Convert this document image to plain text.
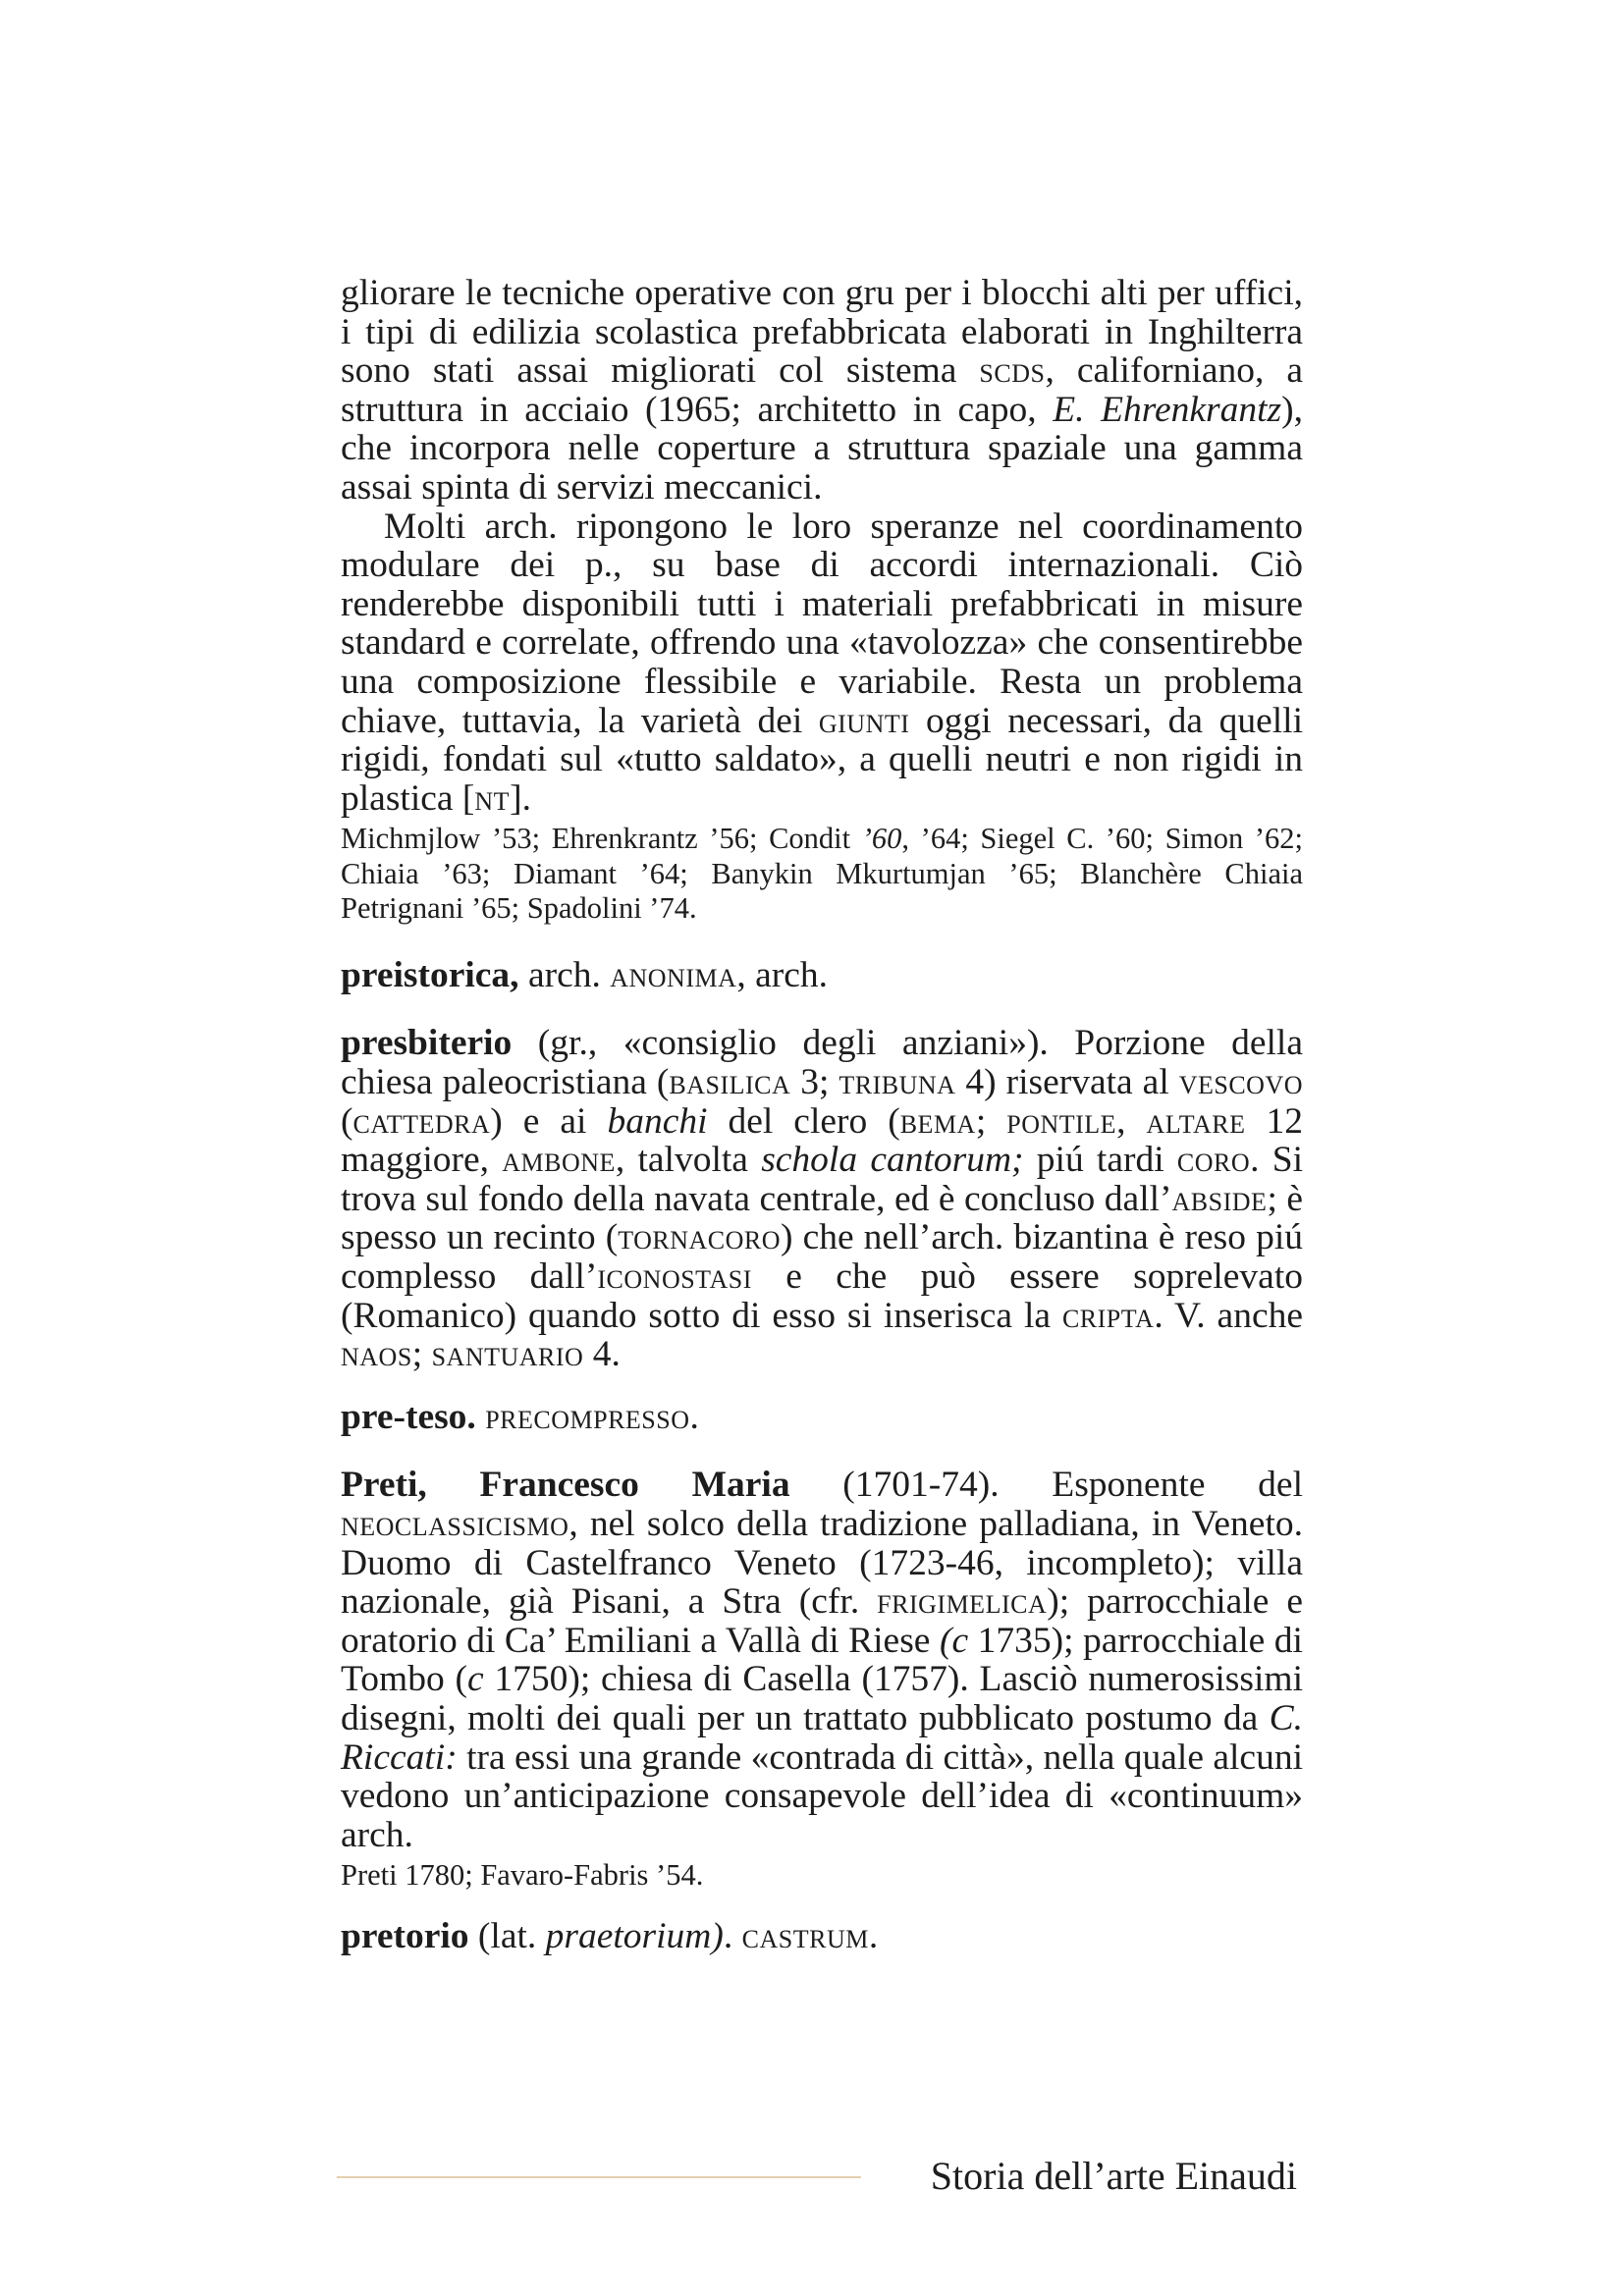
gliorare le tecniche operative con gru per i blocchi alti per uffici, i tipi di edilizia scolastica prefabbricata elaborati in Inghilterra sono stati assai migliorati col sistema scds, californiano, a struttura in acciaio (1965; architetto in capo, E. Ehrenkrantz), che incorpora nelle coperture a struttura spaziale una gamma assai spinta di servizi meccanici.

Molti arch. ripongono le loro speranze nel coordinamento modulare dei p., su base di accordi internazionali. Ciò renderebbe disponibili tutti i materiali prefabbricati in misure standard e correlate, offrendo una «tavolozza» che consentirebbe una composizione flessibile e variabile. Resta un problema chiave, tuttavia, la varietà dei giunti oggi necessari, da quelli rigidi, fondati sul «tutto saldato», a quelli neutri e non rigidi in plastica [nt].

Michmjlow ’53; Ehrenkrantz ’56; Condit ’60, ’64; Siegel C. ’60; Simon ’62; Chiaia ’63; Diamant ’64; Banykin Mkurtumjan ’65; Blanchère Chiaia Petrignani ’65; Spadolini ’74.

preistorica, arch. anonima, arch.

presbiterio (gr., «consiglio degli anziani»). Porzione della chiesa paleocristiana (basilica 3; tribuna 4) riservata al vescovo (cattedra) e ai banchi del clero (bema; pontile, altare 12 maggiore, ambone, talvolta schola cantorum; piú tardi coro. Si trova sul fondo della navata centrale, ed è concluso dall’abside; è spesso un recinto (tornacoro) che nell’arch. bizantina è reso piú complesso dall’iconostasi e che può essere soprelevato (Romanico) quando sotto di esso si inserisca la cripta. V. anche naos; santuario 4.

pre-teso. precompresso.

Preti, Francesco Maria (1701-74). Esponente del neoclassicismo, nel solco della tradizione palladiana, in Veneto. Duomo di Castelfranco Veneto (1723-46, incompleto); villa nazionale, già Pisani, a Stra (cfr. frigimelica); parrocchiale e oratorio di Ca’ Emiliani a Vallà di Riese (c 1735); parrocchiale di Tombo (c 1750); chiesa di Casella (1757). Lasciò numerosissimi disegni, molti dei quali per un trattato pubblicato postumo da C. Riccati: tra essi una grande «contrada di città», nella quale alcuni vedono un’anticipazione consapevole dell’idea di «continuum» arch.

Preti 1780; Favaro-Fabris ’54.

pretorio (lat. praetorium). castrum.

Storia dell’arte Einaudi
